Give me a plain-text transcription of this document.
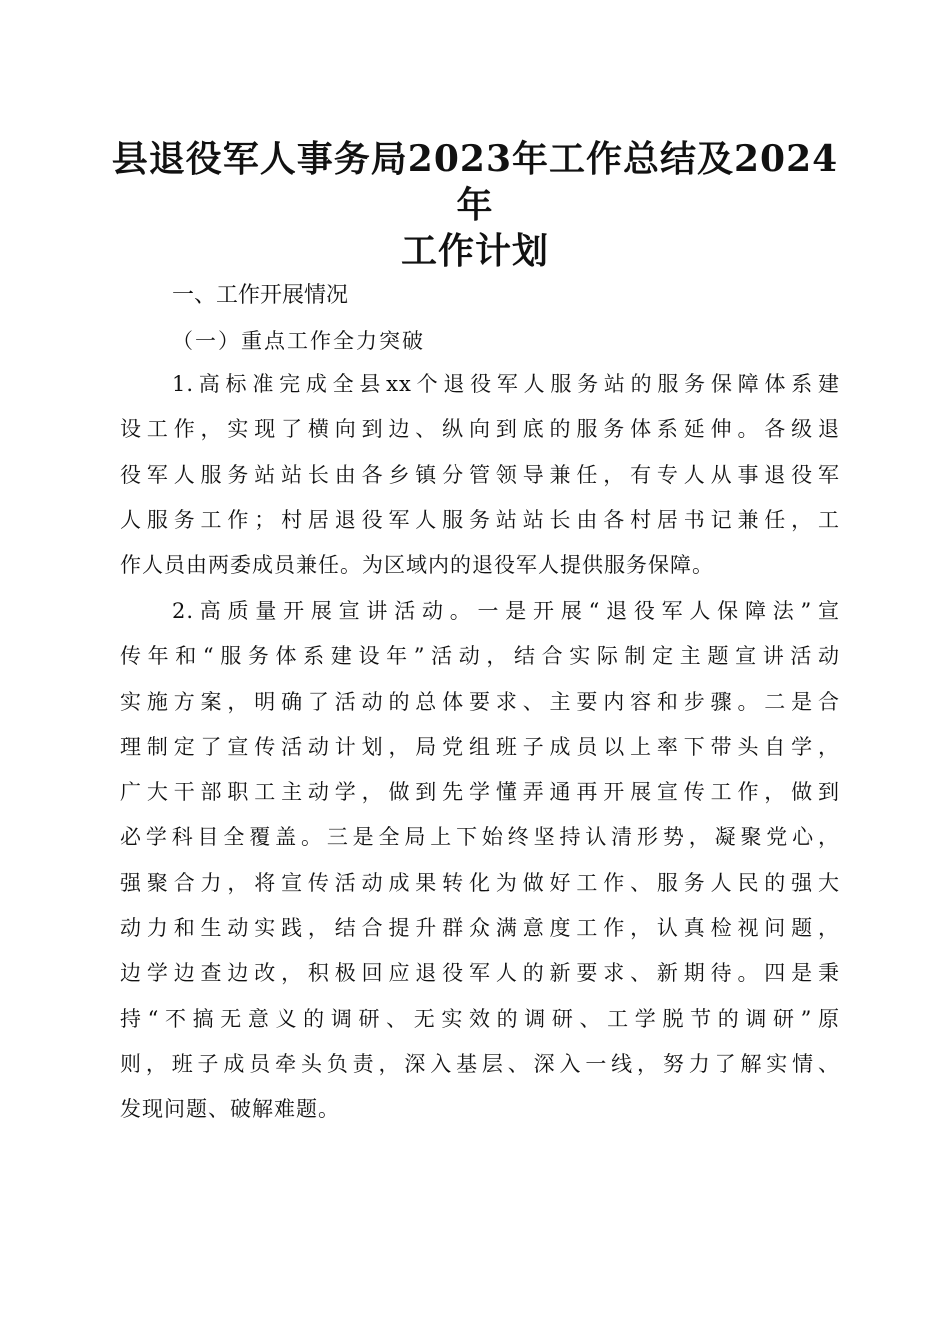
县退役军人事务局2023年工作总结及2024年
工作计划
一、工作开展情况
（一）重点工作全力突破
1.高标准完成全县xx个退役军人服务站的服务保障体系建
设工作，实现了横向到边、纵向到底的服务体系延伸。各级退
役军人服务站站长由各乡镇分管领导兼任，有专人从事退役军
人服务工作；村居退役军人服务站站长由各村居书记兼任，工
作人员由两委成员兼任。为区域内的退役军人提供服务保障。
2.高质量开展宣讲活动。一是开展“退役军人保障法”宣
传年和“服务体系建设年”活动，结合实际制定主题宣讲活动
实施方案，明确了活动的总体要求、主要内容和步骤。二是合
理制定了宣传活动计划，局党组班子成员以上率下带头自学，
广大干部职工主动学，做到先学懂弄通再开展宣传工作，做到
必学科目全覆盖。三是全局上下始终坚持认清形势，凝聚党心，
强聚合力，将宣传活动成果转化为做好工作、服务人民的强大
动力和生动实践，结合提升群众满意度工作，认真检视问题，
边学边查边改，积极回应退役军人的新要求、新期待。四是秉
持“不搞无意义的调研、无实效的调研、工学脱节的调研”原
则，班子成员牵头负责，深入基层、深入一线，努力了解实情、
发现问题、破解难题。
